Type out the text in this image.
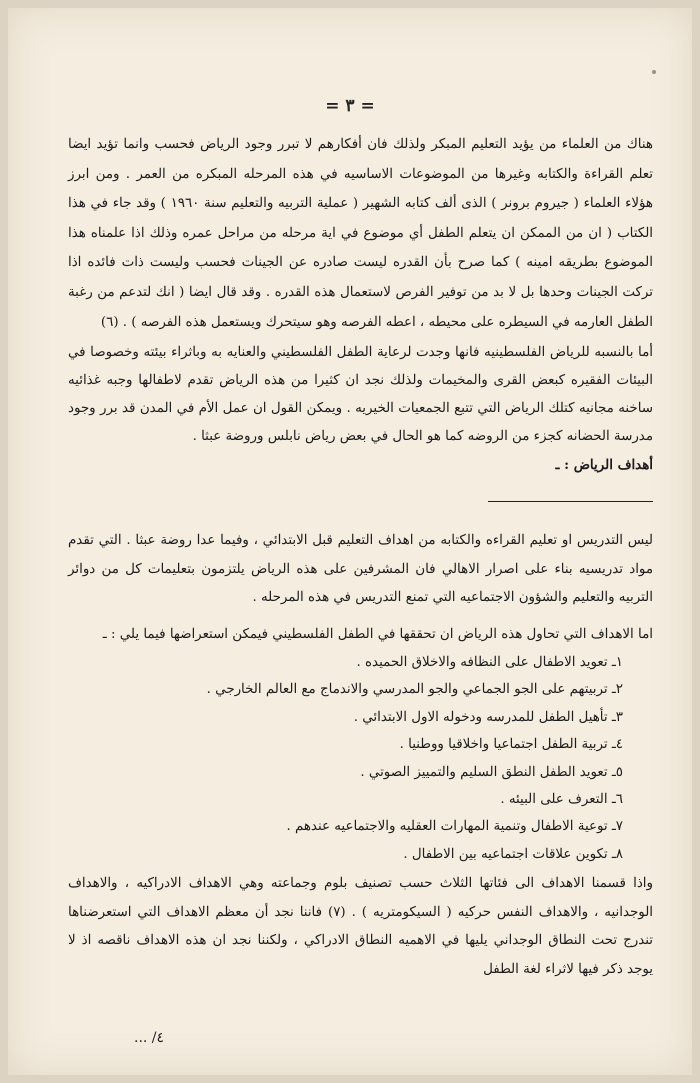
= ٣ =

هناك من العلماء من يؤيد التعليم المبكر ولذلك فان أفكارهم لا تبرر وجود الرياض فحسب وانما تؤيد ايضا تعلم القراءة والكتابه وغيرها من الموضوعات الاساسيه في هذه المرحله المبكره من العمر . ومن ابرز هؤلاء العلماء ( جيروم برونر ) الذى ألف كتابه الشهير ( عملية التربيه والتعليم سنة ١٩٦٠ ) وقد جاء في هذا الكتاب ( ان من الممكن ان يتعلم الطفل أي موضوع في اية مرحله من مراحل عمره وذلك اذا علمناه هذا الموضوع بطريقه امينه ) كما صرح بأن القدره ليست صادره عن الجينات فحسب وليست ذات فائده اذا تركت الجينات وحدها بل لا بد من توفير الفرص لاستعمال هذه القدره . وقد قال ايضا ( انك لتدعم من رغبة الطفل العارمه في السيطره على محيطه ، اعطه الفرصه وهو سيتحرك ويستعمل هذه الفرصه ) . (٦)

أما بالنسبه للرياض الفلسطينيه فانها وجدت لرعاية الطفل الفلسطيني والعنايه به وباثراء بيئته وخصوصا في البيئات الفقيره كبعض القرى والمخيمات ولذلك نجد ان كثيرا من هذه الرياض تقدم لاطفالها وجبه غذائيه ساخنه مجانيه كتلك الرياض التي تتبع الجمعيات الخيريه . ويمكن القول ان عمل الأم في المدن قد برر وجود مدرسة الحضانه كجزء من الروضه كما هو الحال في بعض رياض نابلس وروضة عبثا .

أهداف الرياض : ـ

ليس التدريس او تعليم القراءه والكتابه من اهداف التعليم قبل الابتدائي ، وفيما عدا روضة عبثا . التي تقدم مواد تدريسيه بناء على اصرار الاهالي فان المشرفين على هذه الرياض يلتزمون بتعليمات كل من دوائر التربيه والتعليم والشؤون الاجتماعيه التي تمنع التدريس في هذه المرحله .

اما الاهداف التي تحاول هذه الرياض ان تحققها في الطفل الفلسطيني فيمكن استعراضها فيما يلي : ـ

١ـ تعويد الاطفال على النظافه والاخلاق الحميده .
٢ـ تربيتهم على الجو الجماعي والجو المدرسي والاندماج مع العالم الخارجي .
٣ـ تأهيل الطفل للمدرسه ودخوله الاول الابتدائي .
٤ـ تربية الطفل اجتماعيا واخلاقيا ووطنيا .
٥ـ تعويد الطفل النطق السليم والتمييز الصوتي .
٦ـ التعرف على البيئه .
٧ـ توعية الاطفال وتنمية المهارات العقليه والاجتماعيه عندهم .
٨ـ تكوين علاقات اجتماعيه بين الاطفال .

واذا قسمنا الاهداف الى فئاتها الثلاث حسب تصنيف بلوم وجماعته وهي الاهداف الادراكيه ، والاهداف الوجدانيه ، والاهداف النفس حركيه ( السيكومتريه ) . (٧) فاننا نجد أن معظم الاهداف التي استعرضناها تندرج تحت النطاق الوجداني يليها في الاهميه النطاق الادراكي ، ولكننا نجد ان هذه الاهداف ناقصه اذ لا يوجد ذكر فيها لاثراء لغة الطفل

٤/ ...
